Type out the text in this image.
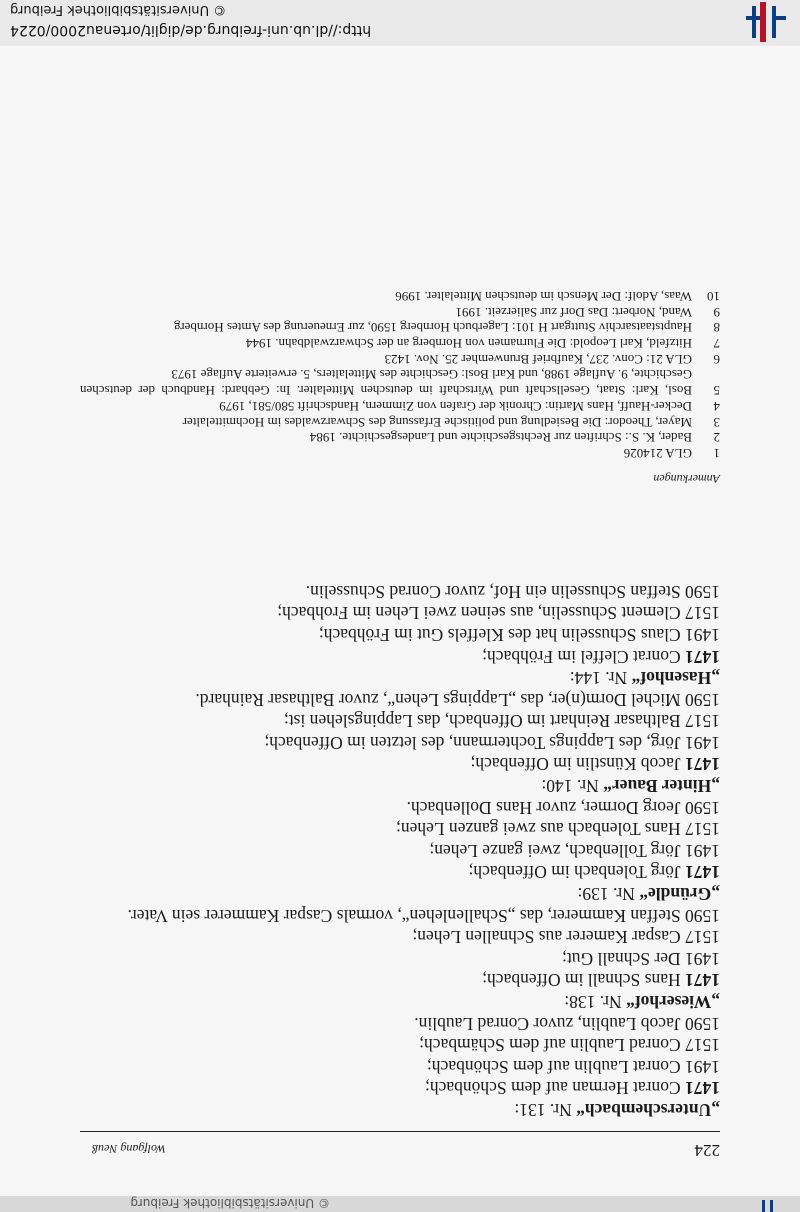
© Universitätsbibliothek Freiburg
http://dl.ub.uni-freiburg.de/diglit/ortenau2000/0224
224
Wolfgang Neuß
„Unterschembach“ Nr. 131:
1471 Conrat Herman auf dem Schönbach;
1491 Conrat Laublin auf dem Schönbach;
1517 Conrad Laublin auf dem Schämbach;
1590 Jacob Laublin, zuvor Conrad Laublin.
„Wieserhof“ Nr. 138:
1471 Hans Schnall im Offenbach;
1491 Der Schnall Gut;
1517 Caspar Kamerer aus Schnallen Lehen;
1590 Steffan Kammerer, das „Schallenlehen“, vormals Caspar Kammerer sein Vater.
„Gründle“ Nr. 139:
1471 Jörg Tolenbach im Offenbach;
1491 Jörg Tollenbach, zwei ganze Lehen;
1517 Hans Tolenbach aus zwei ganzen Lehen;
1590 Jeorg Dormer, zuvor Hans Dollenbach.
„Hinter Bauer“ Nr. 140:
1471 Jacob Künstlin im Offenbach;
1491 Jörg, des Lappings Tochtermann, des letzten im Offenbach;
1517 Balthasar Reinhart im Offenbach, das Lappingslehen ist;
1590 Michel Dorm(n)er, das „Lappings Lehen“, zuvor Balthasar Rainhard.
„Hasenhof“ Nr. 144:
1471 Conrat Cleffel im Fröhbach;
1491 Claus Schusselin hat des Kleffels Gut im Fröhbach;
1517 Clement Schusselin, aus seinen zwei Lehen im Frohbach;
1590 Steffan Schusselin ein Hof, zuvor Conrad Schusselin.
Anmerkungen
1
GLA 214026
2
Bader, K. S.: Schriften zur Rechtsgeschichte und Landesgeschichte. 1984
3
Mayer, Theodor: Die Besiedlung und politische Erfassung des Schwarzwaldes im Hochmittelalter
4
Decker-Hauff, Hans Martin: Chronik der Grafen von Zimmern, Handschrift 580/581, 1979
5
Bosl, Karl: Staat, Gesellschaft und Wirtschaft im deutschen Mittelalter. In: Gebhard: Handbuch der deutschen Geschichte, 9. Auflage 1988, und Karl Bosl: Geschichte des Mittelalters, 5. erweiterte Auflage 1973
6
GLA 21: Conv. 237, Kaufbrief Brunwemher 25. Nov. 1423
7
Hitzfeld, Karl Leopold: Die Flurnamen von Hornberg an der Schwarzwaldbahn. 1944
8
Hauptstaatsarchiv Stuttgart H 101: Lagerbuch Hornberg 1590, zur Erneuerung des Amtes Hornberg
9
Wand, Norbert: Das Dorf zur Salierzeit. 1991
10
Waas, Adolf: Der Mensch im deutschen Mittelalter. 1996
© Universitätsbibliothek Freiburg
